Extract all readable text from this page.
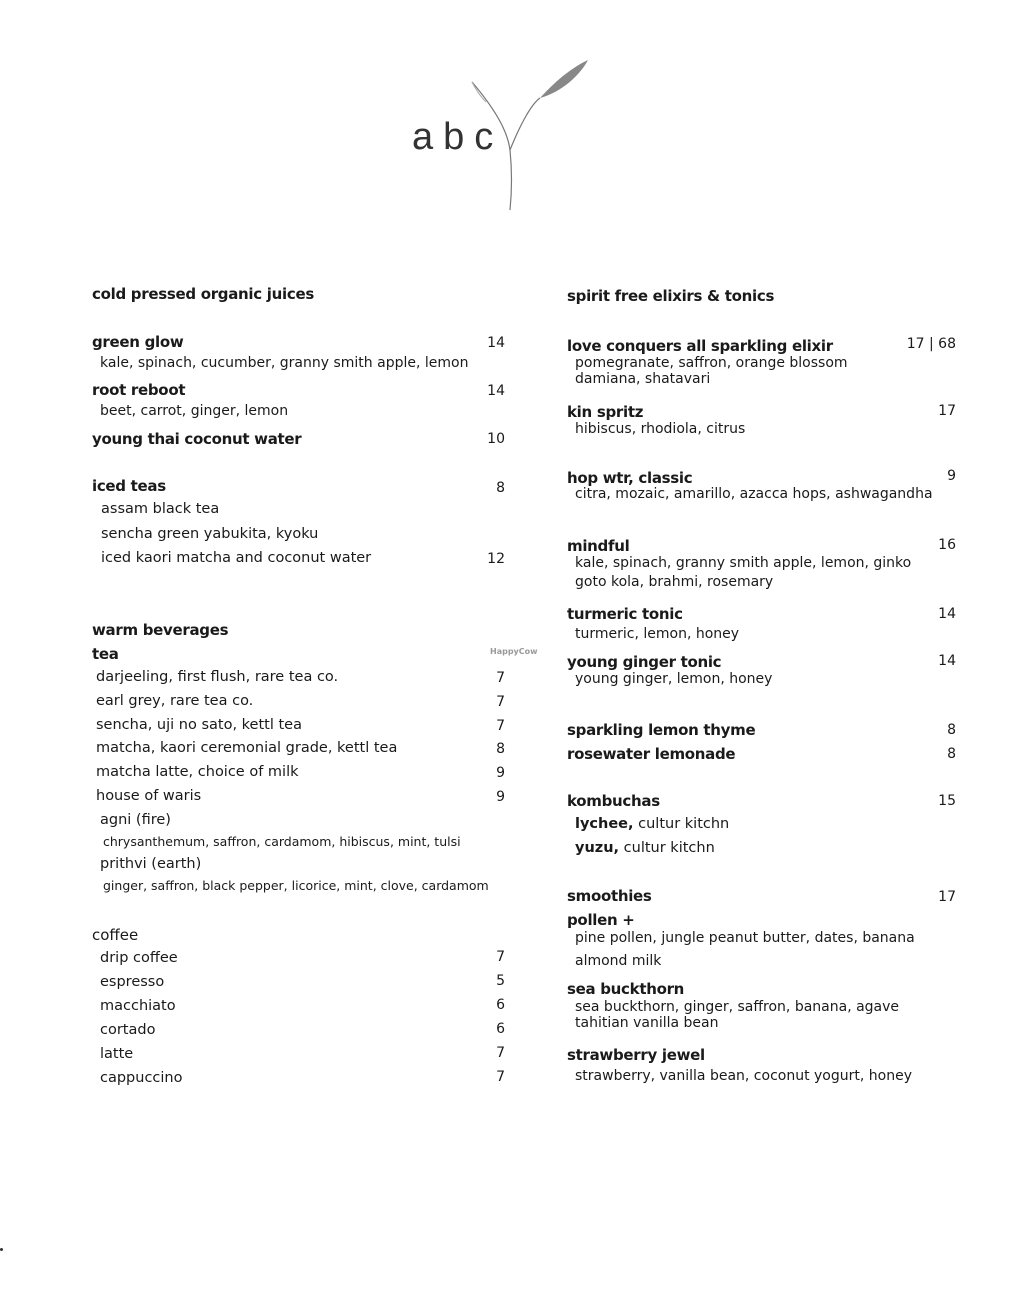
abc
cold pressed organic juices
green glow	14
kale, spinach, cucumber, granny smith apple, lemon
root reboot	14
beet, carrot, ginger, lemon
young thai coconut water	10
iced teas	8
assam black tea
sencha green yabukita, kyoku
iced kaori matcha and coconut water	12
warm beverages
tea	HappyCow
darjeeling, first flush, rare tea co.	7
earl grey, rare tea co.	7
sencha, uji no sato, kettl tea	7
matcha, kaori ceremonial grade, kettl tea	8
matcha latte, choice of milk	9
house of waris	9
agni (fire)
chrysanthemum, saffron, cardamom, hibiscus, mint, tulsi
prithvi (earth)
ginger, saffron, black pepper, licorice, mint, clove, cardamom
coffee
drip coffee	7
espresso	5
macchiato	6
cortado	6
latte	7
cappuccino	7
spirit free elixirs & tonics
love conquers all sparkling elixir	17 | 68
pomegranate, saffron, orange blossom
damiana, shatavari
kin spritz	17
hibiscus, rhodiola, citrus
hop wtr, classic	9
citra, mozaic, amarillo, azacca hops, ashwagandha
mindful	16
kale, spinach, granny smith apple, lemon, ginko
goto kola, brahmi, rosemary
turmeric tonic	14
turmeric, lemon, honey
young ginger tonic	14
young ginger, lemon, honey
sparkling lemon thyme	8
rosewater lemonade	8
kombuchas	15
lychee, cultur kitchn
yuzu, cultur kitchn
smoothies	17
pollen +
pine pollen, jungle peanut butter, dates, banana
almond milk
sea buckthorn
sea buckthorn, ginger, saffron, banana, agave
tahitian vanilla bean
strawberry jewel
strawberry, vanilla bean, coconut yogurt, honey
